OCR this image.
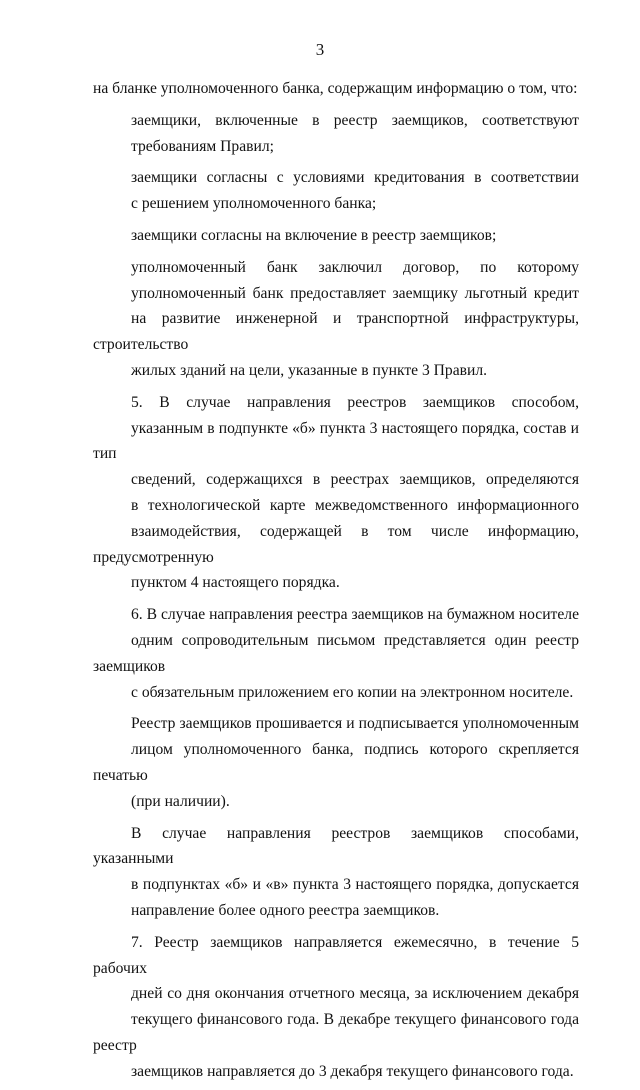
3
на бланке уполномоченного банка, содержащим информацию о том, что:
заемщики, включенные в реестр заемщиков, соответствуют
требованиям Правил;
заемщики согласны с условиями кредитования в соответствии
с решением уполномоченного банка;
заемщики согласны на включение в реестр заемщиков;
уполномоченный банк заключил договор, по которому
уполномоченный банк предоставляет заемщику льготный кредит
на развитие инженерной и транспортной инфраструктуры, строительство
жилых зданий на цели, указанные в пункте 3 Правил.
5. В случае направления реестров заемщиков способом,
указанным в подпункте «б» пункта 3 настоящего порядка, состав и тип
сведений, содержащихся в реестрах заемщиков, определяются
в технологической карте межведомственного информационного
взаимодействия, содержащей в том числе информацию, предусмотренную
пунктом 4 настоящего порядка.
6. В случае направления реестра заемщиков на бумажном носителе
одним сопроводительным письмом представляется один реестр заемщиков
с обязательным приложением его копии на электронном носителе.
Реестр заемщиков прошивается и подписывается уполномоченным
лицом уполномоченного банка, подпись которого скрепляется печатью
(при наличии).
В случае направления реестров заемщиков способами, указанными
в подпунктах «б» и «в» пункта 3 настоящего порядка, допускается
направление более одного реестра заемщиков.
7. Реестр заемщиков направляется ежемесячно, в течение 5 рабочих
дней со дня окончания отчетного месяца, за исключением декабря
текущего финансового года. В декабре текущего финансового года реестр
заемщиков направляется до 3 декабря текущего финансового года.
